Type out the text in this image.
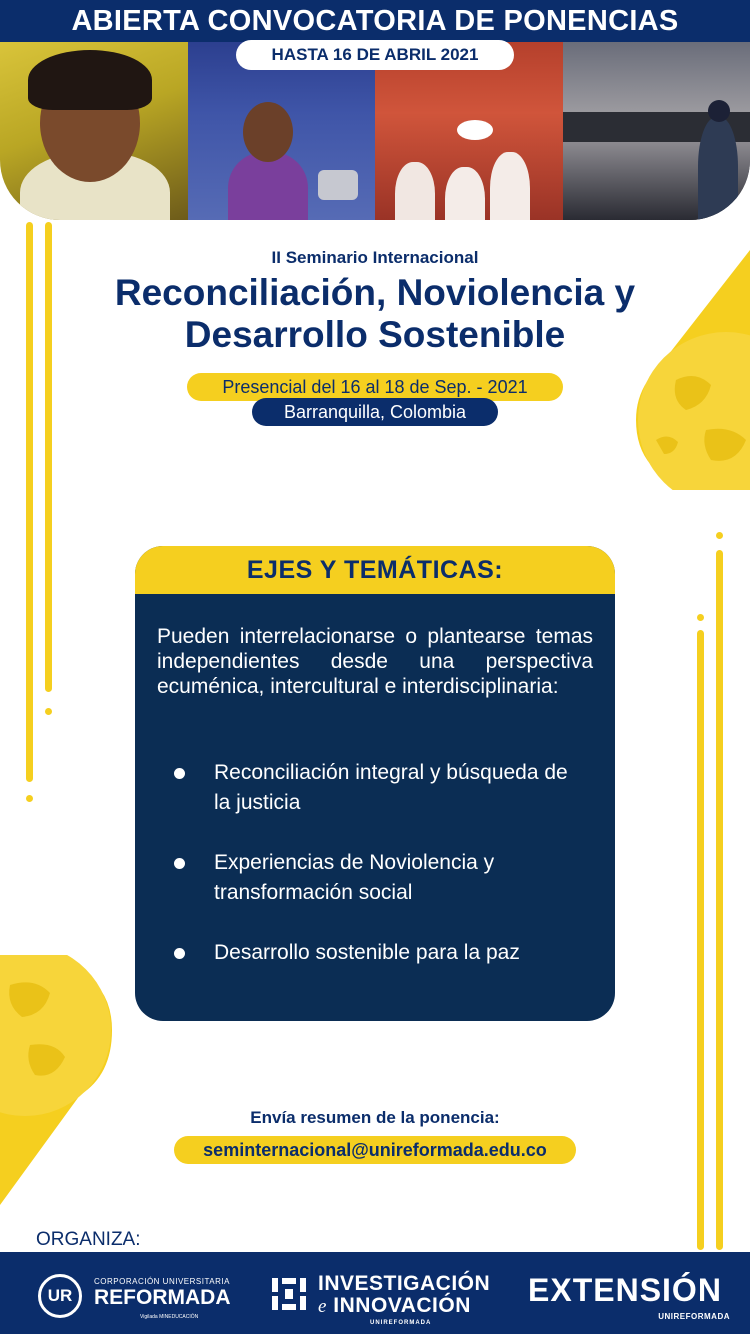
ABIERTA CONVOCATORIA DE PONENCIAS
HASTA 16 DE ABRIL 2021
II Seminario Internacional
Reconciliación, Noviolencia y
Desarrollo Sostenible
Presencial del 16 al 18 de Sep. - 2021
Barranquilla, Colombia
EJES Y TEMÁTICAS:
Pueden interrelacionarse o plantearse temas independientes desde una perspectiva ecuménica, intercultural e interdisciplinaria:
Reconciliación integral y búsqueda de la justicia
Experiencias de Noviolencia y transformación social
Desarrollo sostenible para la paz
Envía resumen de la ponencia:
seminternacional@unireformada.edu.co
ORGANIZA:
UR
CORPORACIÓN UNIVERSITARIA
REFORMADA
Vigilada MINEDUCACIÓN
INVESTIGACIÓN
e INNOVACIÓN
UNIREFORMADA
EXTENSIÓN
UNIREFORMADA
